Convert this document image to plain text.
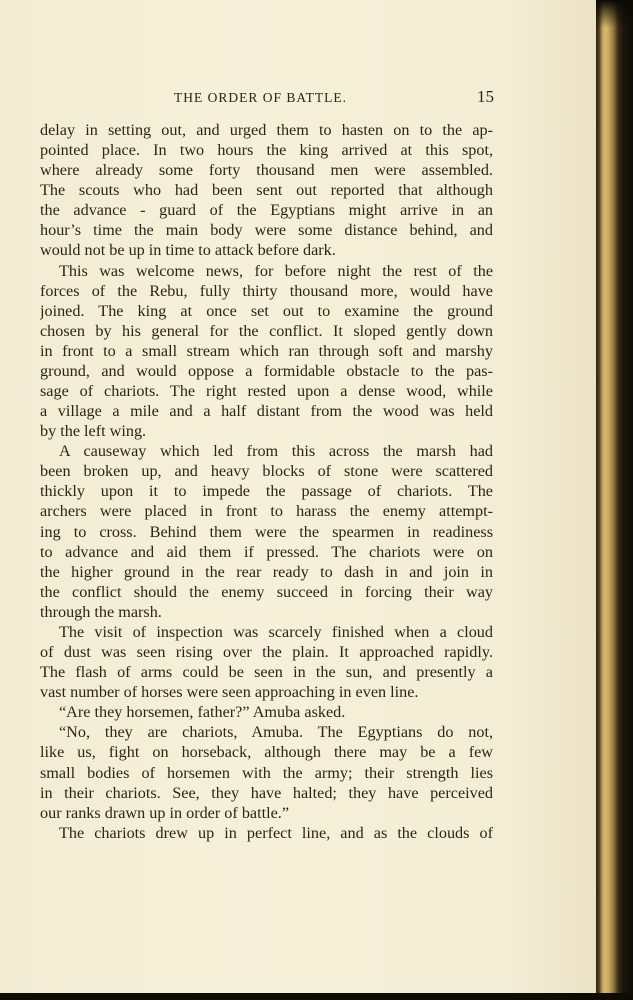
THE ORDER OF BATTLE.	15
delay in setting out, and urged them to hasten on to the ap-
pointed place. In two hours the king arrived at this spot,
where already some forty thousand men were assembled.
The scouts who had been sent out reported that although
the advance - guard of the Egyptians might arrive in an
hour’s time the main body were some distance behind, and
would not be up in time to attack before dark.
This was welcome news, for before night the rest of the
forces of the Rebu, fully thirty thousand more, would have
joined. The king at once set out to examine the ground
chosen by his general for the conflict. It sloped gently down
in front to a small stream which ran through soft and marshy
ground, and would oppose a formidable obstacle to the pas-
sage of chariots. The right rested upon a dense wood, while
a village a mile and a half distant from the wood was held
by the left wing.
A causeway which led from this across the marsh had
been broken up, and heavy blocks of stone were scattered
thickly upon it to impede the passage of chariots. The
archers were placed in front to harass the enemy attempt-
ing to cross. Behind them were the spearmen in readiness
to advance and aid them if pressed. The chariots were on
the higher ground in the rear ready to dash in and join in
the conflict should the enemy succeed in forcing their way
through the marsh.
The visit of inspection was scarcely finished when a cloud
of dust was seen rising over the plain. It approached rapidly.
The flash of arms could be seen in the sun, and presently a
vast number of horses were seen approaching in even line.
“Are they horsemen, father?” Amuba asked.
“No, they are chariots, Amuba. The Egyptians do not,
like us, fight on horseback, although there may be a few
small bodies of horsemen with the army; their strength lies
in their chariots. See, they have halted; they have perceived
our ranks drawn up in order of battle.”
The chariots drew up in perfect line, and as the clouds of
